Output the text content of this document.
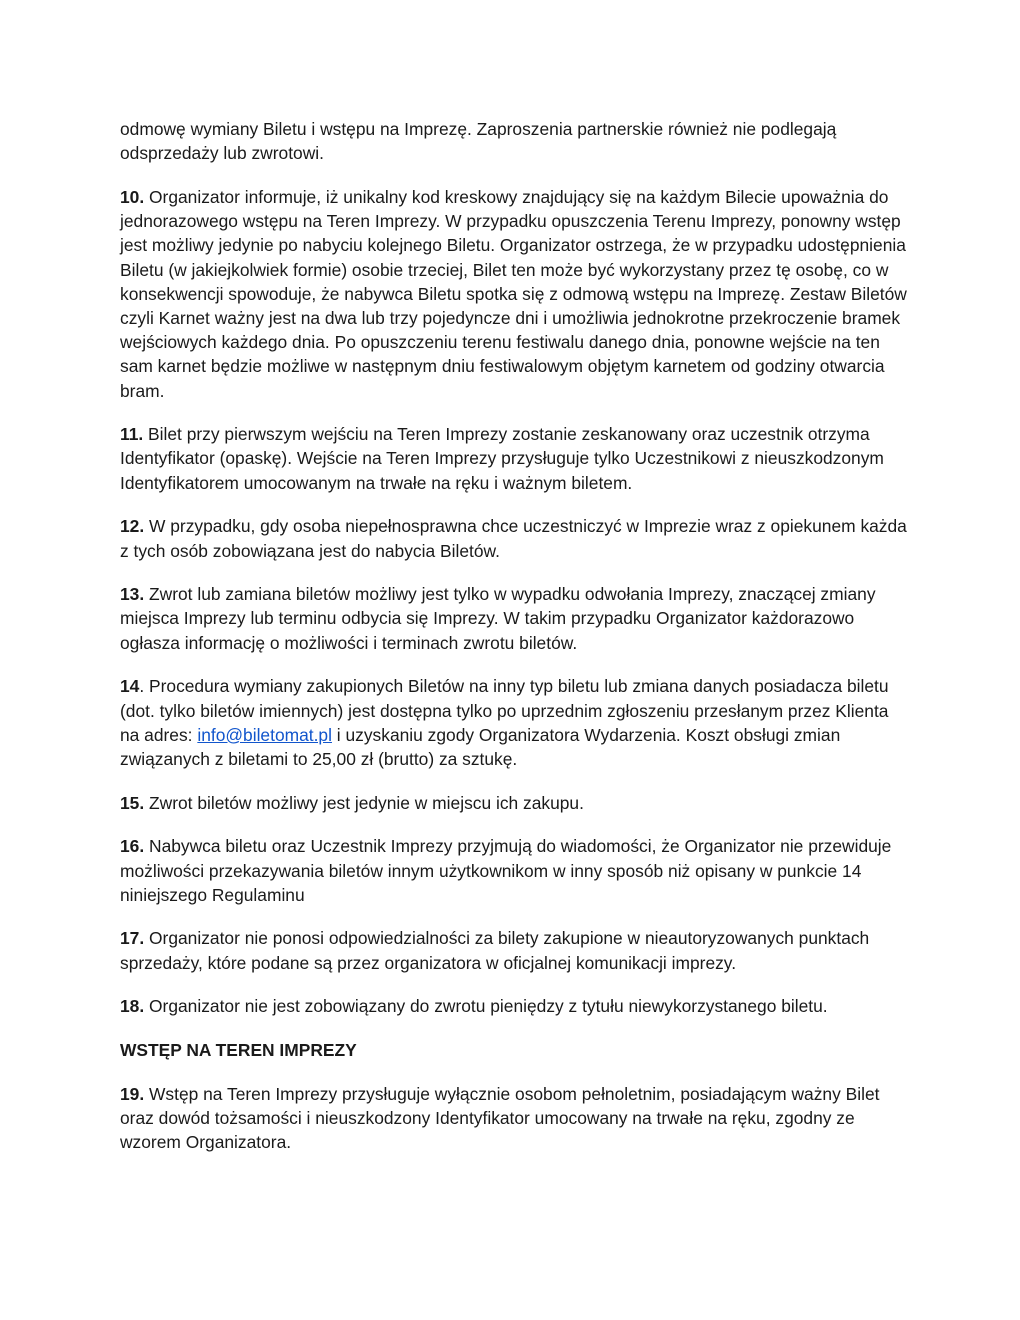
odmowę wymiany Biletu i wstępu na Imprezę. Zaproszenia partnerskie również nie podlegają odsprzedaży lub zwrotowi.

10. Organizator informuje, iż unikalny kod kreskowy znajdujący się na każdym Bilecie upoważnia do jednorazowego wstępu na Teren Imprezy. W przypadku opuszczenia Terenu Imprezy, ponowny wstęp jest możliwy jedynie po nabyciu kolejnego Biletu. Organizator ostrzega, że w przypadku udostępnienia Biletu (w jakiejkolwiek formie) osobie trzeciej, Bilet ten może być wykorzystany przez tę osobę, co w konsekwencji spowoduje, że nabywca Biletu spotka się z odmową wstępu na Imprezę. Zestaw Biletów czyli Karnet ważny jest na dwa lub trzy pojedyncze dni i umożliwia jednokrotne przekroczenie bramek wejściowych każdego dnia. Po opuszczeniu terenu festiwalu danego dnia, ponowne wejście na ten sam karnet będzie możliwe w następnym dniu festiwalowym objętym karnetem od godziny otwarcia bram.

11. Bilet przy pierwszym wejściu na Teren Imprezy zostanie zeskanowany oraz uczestnik otrzyma Identyfikator (opaskę). Wejście na Teren Imprezy przysługuje tylko Uczestnikowi z nieuszkodzonym Identyfikatorem umocowanym na trwałe na ręku i ważnym biletem.

12. W przypadku, gdy osoba niepełnosprawna chce uczestniczyć w Imprezie wraz z opiekunem każda z tych osób zobowiązana jest do nabycia Biletów.

13. Zwrot lub zamiana biletów możliwy jest tylko w wypadku odwołania Imprezy, znaczącej zmiany miejsca Imprezy lub terminu odbycia się Imprezy. W takim przypadku Organizator każdorazowo ogłasza informację o możliwości i terminach zwrotu biletów.

14. Procedura wymiany zakupionych Biletów na inny typ biletu lub zmiana danych posiadacza biletu (dot. tylko biletów imiennych) jest dostępna tylko po uprzednim zgłoszeniu przesłanym przez Klienta na adres: info@biletomat.pl i uzyskaniu zgody Organizatora Wydarzenia. Koszt obsługi zmian związanych z biletami to 25,00 zł (brutto) za sztukę.

15. Zwrot biletów możliwy jest jedynie w miejscu ich zakupu.

16. Nabywca biletu oraz Uczestnik Imprezy przyjmują do wiadomości, że Organizator nie przewiduje możliwości przekazywania biletów innym użytkownikom w inny sposób niż opisany w punkcie 14 niniejszego Regulaminu

17. Organizator nie ponosi odpowiedzialności za bilety zakupione w nieautoryzowanych punktach sprzedaży, które podane są przez organizatora w oficjalnej komunikacji imprezy.

18. Organizator nie jest zobowiązany do zwrotu pieniędzy z tytułu niewykorzystanego biletu.

WSTĘP NA TEREN IMPREZY

19. Wstęp na Teren Imprezy przysługuje wyłącznie osobom pełnoletnim, posiadającym ważny Bilet oraz dowód tożsamości i nieuszkodzony Identyfikator umocowany na trwałe na ręku, zgodny ze wzorem Organizatora.
